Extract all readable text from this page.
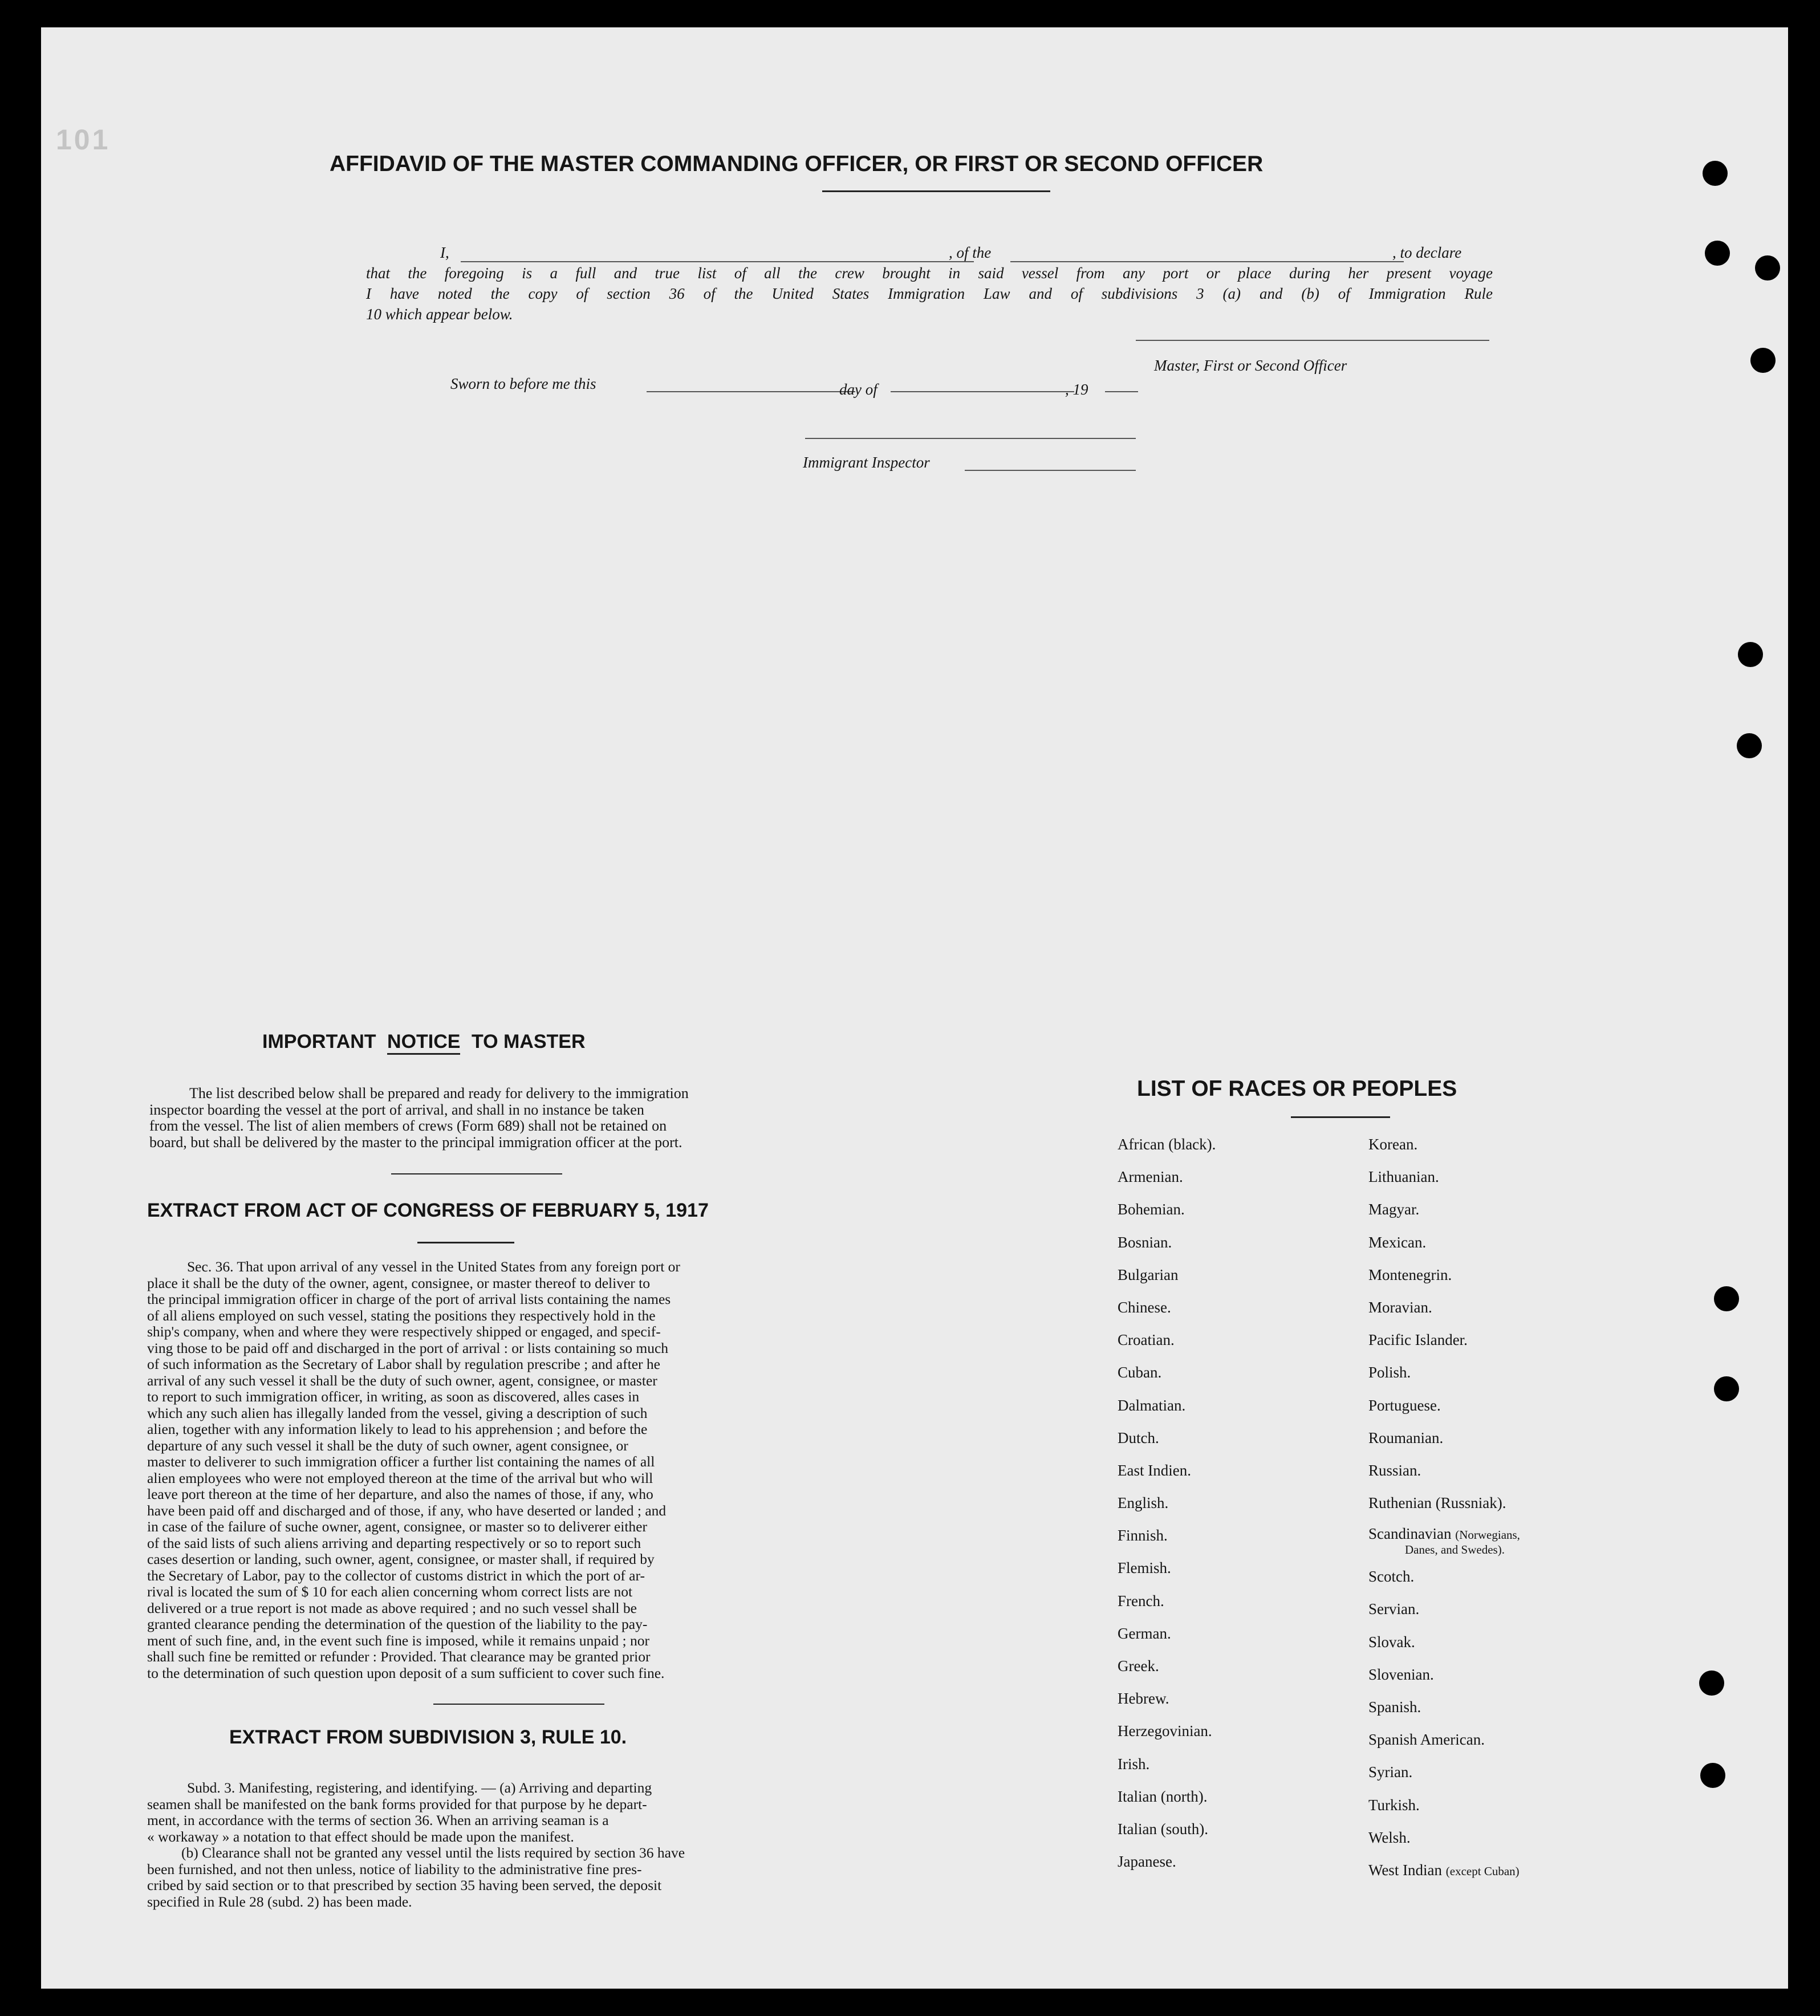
101
AFFIDAVID OF THE MASTER COMMANDING OFFICER, OR FIRST OR SECOND OFFICER
I,	, of the	, to declare
that the foregoing is a full and true list of all the crew brought in said vessel from any port or place during her present voyage
I have noted the copy of section 36 of the United States Immigration Law and of subdivisions 3 (a) and (b) of Immigration Rule
10 which appear below.
Master, First or Second Officer
Sworn to before me this	day of	, 19
Immigrant Inspector
IMPORTANT NOTICE TO MASTER
The list described below shall be prepared and ready for delivery to the immigration
inspector boarding the vessel at the port of arrival, and shall in no instance be taken
from the vessel. The list of alien members of crews (Form 689) shall not be retained on
board, but shall be delivered by the master to the principal immigration officer at the port.
EXTRACT FROM ACT OF CONGRESS OF FEBRUARY 5, 1917
Sec. 36. That upon arrival of any vessel in the United States from any foreign port or
place it shall be the duty of the owner, agent, consignee, or master thereof to deliver to
the principal immigration officer in charge of the port of arrival lists containing the names
of all aliens employed on such vessel, stating the positions they respectively hold in the
ship's company, when and where they were respectively shipped or engaged, and specif-
ving those to be paid off and discharged in the port of arrival : or lists containing so much
of such information as the Secretary of Labor shall by regulation prescribe ; and after he
arrival of any such vessel it shall be the duty of such owner, agent, consignee, or master
to report to such immigration officer, in writing, as soon as discovered, alles cases in
which any such alien has illegally landed from the vessel, giving a description of such
alien, together with any information likely to lead to his apprehension ; and before the
departure of any such vessel it shall be the duty of such owner, agent consignee, or
master to deliverer to such immigration officer a further list containing the names of all
alien employees who were not employed thereon at the time of the arrival but who will
leave port thereon at the time of her departure, and also the names of those, if any, who
have been paid off and discharged and of those, if any, who have deserted or landed ; and
in case of the failure of suche owner, agent, consignee, or master so to deliverer either
of the said lists of such aliens arriving and departing respectively or so to report such
cases desertion or landing, such owner, agent, consignee, or master shall, if required by
the Secretary of Labor, pay to the collector of customs district in which the port of ar-
rival is located the sum of $ 10 for each alien concerning whom correct lists are not
delivered or a true report is not made as above required ; and no such vessel shall be
granted clearance pending the determination of the question of the liability to the pay-
ment of such fine, and, in the event such fine is imposed, while it remains unpaid ; nor
shall such fine be remitted or refunder : Provided. That clearance may be granted prior
to the determination of such question upon deposit of a sum sufficient to cover such fine.
EXTRACT FROM SUBDIVISION 3, RULE 10.
Subd. 3. Manifesting, registering, and identifying. — (a) Arriving and departing
seamen shall be manifested on the bank forms provided for that purpose by he depart-
ment, in accordance with the terms of section 36. When an arriving seaman is a
« workaway » a notation to that effect should be made upon the manifest.
(b) Clearance shall not be granted any vessel until the lists required by section 36 have
been furnished, and not then unless, notice of liability to the administrative fine pres-
cribed by said section or to that prescribed by section 35 having been served, the deposit
specified in Rule 28 (subd. 2) has been made.
LIST OF RACES OR PEOPLES
African (black).
Armenian.
Bohemian.
Bosnian.
Bulgarian
Chinese.
Croatian.
Cuban.
Dalmatian.
Dutch.
East Indien.
English.
Finnish.
Flemish.
French.
German.
Greek.
Hebrew.
Herzegovinian.
Irish.
Italian (north).
Italian (south).
Japanese.
Korean.
Lithuanian.
Magyar.
Mexican.
Montenegrin.
Moravian.
Pacific Islander.
Polish.
Portuguese.
Roumanian.
Russian.
Ruthenian (Russniak).
Scandinavian (Norwegians,
Danes, and Swedes).
Scotch.
Servian.
Slovak.
Slovenian.
Spanish.
Spanish American.
Syrian.
Turkish.
Welsh.
West Indian (except Cuban)
